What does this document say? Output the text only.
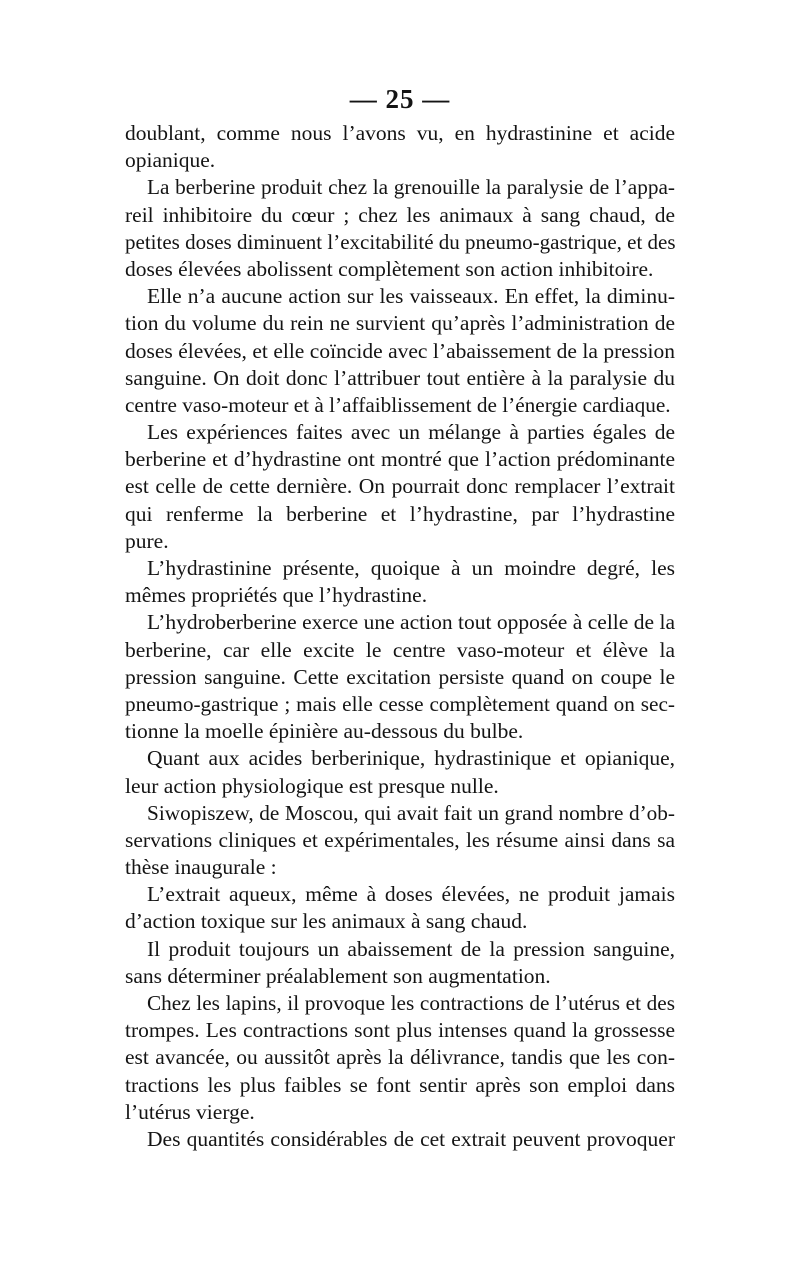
— 25 —
doublant, comme nous l’avons vu, en hydrastinine et acide
opianique.
La berberine produit chez la grenouille la paralysie de l’appa-
reil inhibitoire du cœur ; chez les animaux à sang chaud, de
petites doses diminuent l’excitabilité du pneumo-gastrique, et des
doses élevées abolissent complètement son action inhibitoire.
Elle n’a aucune action sur les vaisseaux. En effet, la diminu-
tion du volume du rein ne survient qu’après l’administration de
doses élevées, et elle coïncide avec l’abaissement de la pression
sanguine. On doit donc l’attribuer tout entière à la paralysie du
centre vaso-moteur et à l’affaiblissement de l’énergie cardiaque.
Les expériences faites avec un mélange à parties égales de
berberine et d’hydrastine ont montré que l’action prédominante
est celle de cette dernière. On pourrait donc remplacer l’extrait
qui renferme la berberine et l’hydrastine, par l’hydrastine
pure.
L’hydrastinine présente, quoique à un moindre degré, les
mêmes propriétés que l’hydrastine.
L’hydroberberine exerce une action tout opposée à celle de la
berberine, car elle excite le centre vaso-moteur et élève la
pression sanguine. Cette excitation persiste quand on coupe le
pneumo-gastrique ; mais elle cesse complètement quand on sec-
tionne la moelle épinière au-dessous du bulbe.
Quant aux acides berberinique, hydrastinique et opianique,
leur action physiologique est presque nulle.
Siwopiszew, de Moscou, qui avait fait un grand nombre d’ob-
servations cliniques et expérimentales, les résume ainsi dans sa
thèse inaugurale :
L’extrait aqueux, même à doses élevées, ne produit jamais
d’action toxique sur les animaux à sang chaud.
Il produit toujours un abaissement de la pression sanguine,
sans déterminer préalablement son augmentation.
Chez les lapins, il provoque les contractions de l’utérus et des
trompes. Les contractions sont plus intenses quand la grossesse
est avancée, ou aussitôt après la délivrance, tandis que les con-
tractions les plus faibles se font sentir après son emploi dans
l’utérus vierge.
Des quantités considérables de cet extrait peuvent provoquer
